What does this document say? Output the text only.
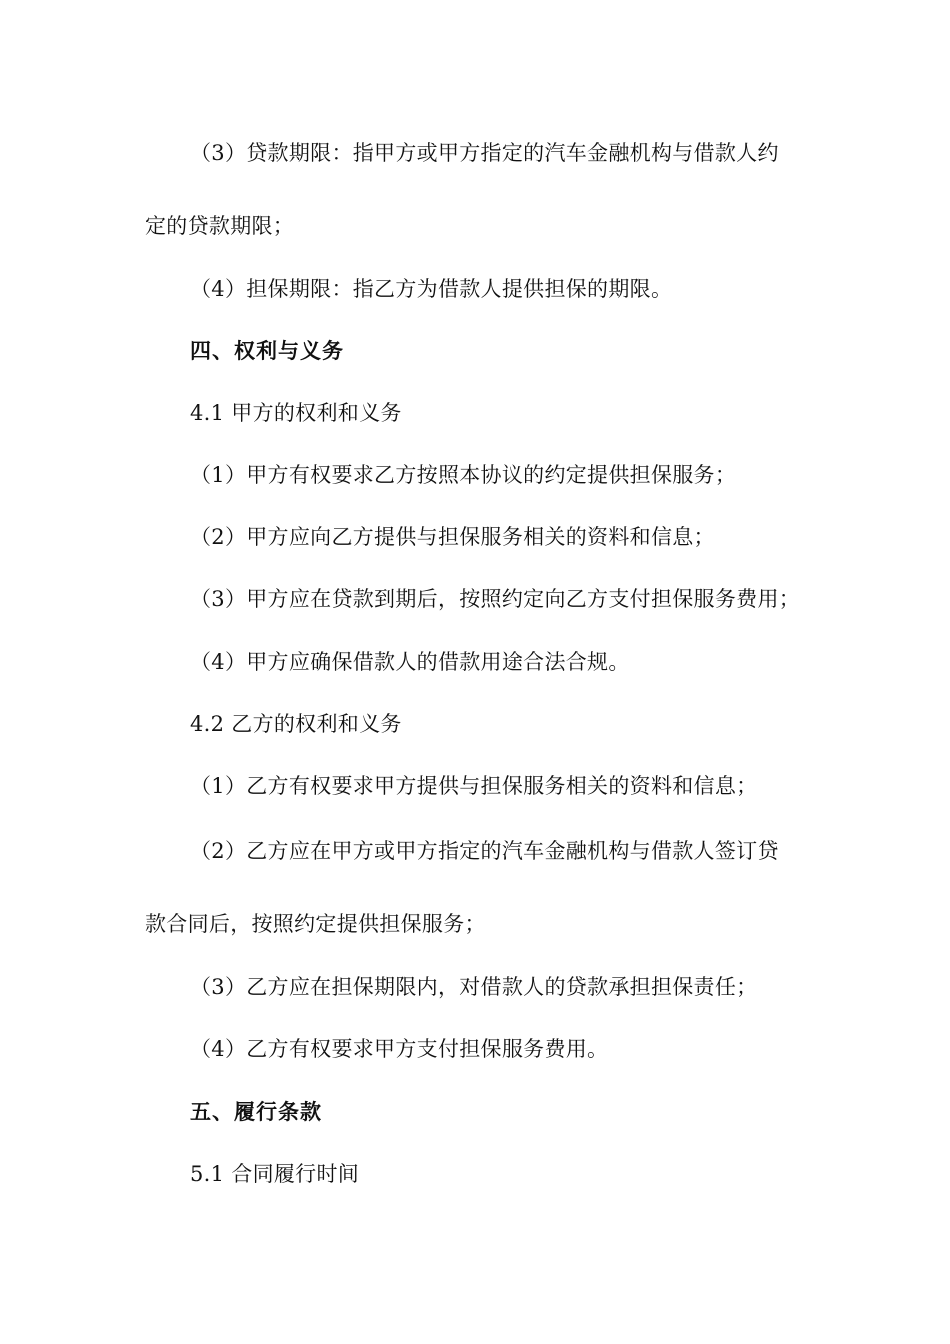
（3）贷款期限：指甲方或甲方指定的汽车金融机构与借款人约
定的贷款期限；
（4）担保期限：指乙方为借款人提供担保的期限。
四、权利与义务
4.1 甲方的权利和义务
（1）甲方有权要求乙方按照本协议的约定提供担保服务；
（2）甲方应向乙方提供与担保服务相关的资料和信息；
（3）甲方应在贷款到期后，按照约定向乙方支付担保服务费用；
（4）甲方应确保借款人的借款用途合法合规。
4.2 乙方的权利和义务
（1）乙方有权要求甲方提供与担保服务相关的资料和信息；
（2）乙方应在甲方或甲方指定的汽车金融机构与借款人签订贷
款合同后，按照约定提供担保服务；
（3）乙方应在担保期限内，对借款人的贷款承担担保责任；
（4）乙方有权要求甲方支付担保服务费用。
五、履行条款
5.1 合同履行时间
